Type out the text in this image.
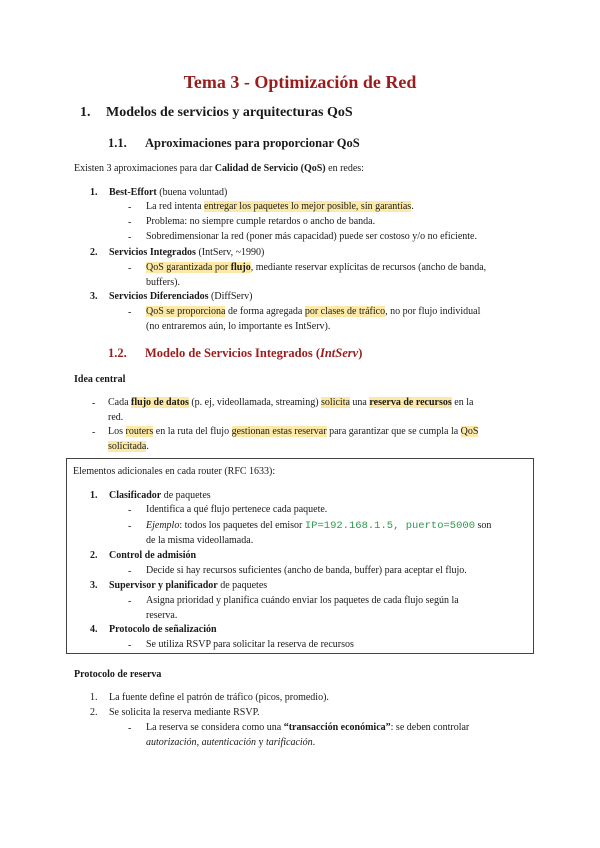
Tema 3 - Optimización de Red
1. Modelos de servicios y arquitecturas QoS
1.1. Aproximaciones para proporcionar QoS
Existen 3 aproximaciones para dar Calidad de Servicio (QoS) en redes:
1. Best-Effort (buena voluntad)
- La red intenta entregar los paquetes lo mejor posible, sin garantías.
- Problema: no siempre cumple retardos o ancho de banda.
- Sobredimensionar la red (poner más capacidad) puede ser costoso y/o no eficiente.
2. Servicios Integrados (IntServ, ~1990)
- QoS garantizada por flujo, mediante reservar explícitas de recursos (ancho de banda,
buffers).
3. Servicios Diferenciados (DiffServ)
- QoS se proporciona de forma agregada por clases de tráfico, no por flujo individual
(no entraremos aún, lo importante es IntServ).
1.2. Modelo de Servicios Integrados (IntServ)
Idea central
- Cada flujo de datos (p. ej, videollamada, streaming) solicita una reserva de recursos en la
red.
- Los routers en la ruta del flujo gestionan estas reservar para garantizar que se cumpla la QoS
solicitada.
Elementos adicionales en cada router (RFC 1633):
1. Clasificador de paquetes
- Identifica a qué flujo pertenece cada paquete.
- Ejemplo: todos los paquetes del emisor IP=192.168.1.5, puerto=5000 son
de la misma videollamada.
2. Control de admisión
- Decide si hay recursos suficientes (ancho de banda, buffer) para aceptar el flujo.
3. Supervisor y planificador de paquetes
- Asigna prioridad y planifica cuándo enviar los paquetes de cada flujo según la
reserva.
4. Protocolo de señalización
- Se utiliza RSVP para solicitar la reserva de recursos
Protocolo de reserva
1. La fuente define el patrón de tráfico (picos, promedio).
2. Se solicita la reserva mediante RSVP.
- La reserva se considera como una “transacción económica”: se deben controlar
autorización, autenticación y tarificación.
